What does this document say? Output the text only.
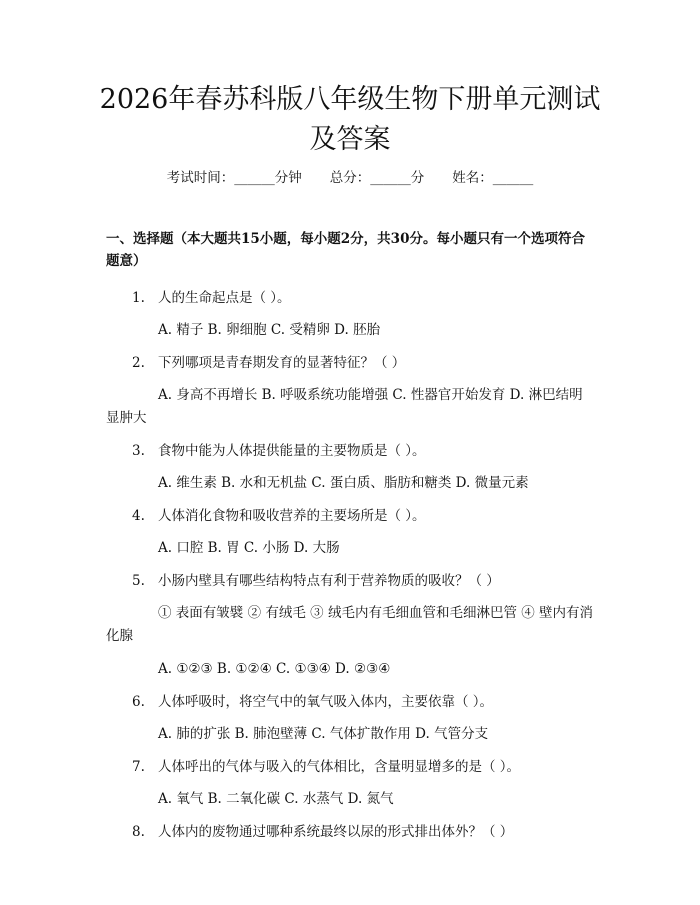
2026年春苏科版八年级生物下册单元测试及答案
考试时间：______分钟 总分：______分 姓名：______

一、选择题（本大题共15小题，每小题2分，共30分。每小题只有一个选项符合题意）

1. 人的生命起点是（ ）。

A. 精子 B. 卵细胞 C. 受精卵 D. 胚胎

2. 下列哪项是青春期发育的显著特征？（ ）

A. 身高不再增长 B. 呼吸系统功能增强 C. 性器官开始发育 D. 淋巴结明显肿大

3. 食物中能为人体提供能量的主要物质是（ ）。

A. 维生素 B. 水和无机盐 C. 蛋白质、脂肪和糖类 D. 微量元素

4. 人体消化食物和吸收营养的主要场所是（ ）。

A. 口腔 B. 胃 C. 小肠 D. 大肠

5. 小肠内壁具有哪些结构特点有利于营养物质的吸收？（ ）

① 表面有皱襞 ② 有绒毛 ③ 绒毛内有毛细血管和毛细淋巴管 ④ 壁内有消化腺

A. ①②③ B. ①②④ C. ①③④ D. ②③④

6. 人体呼吸时，将空气中的氧气吸入体内，主要依靠（ ）。

A. 肺的扩张 B. 肺泡壁薄 C. 气体扩散作用 D. 气管分支

7. 人体呼出的气体与吸入的气体相比，含量明显增多的是（ ）。

A. 氧气 B. 二氧化碳 C. 水蒸气 D. 氮气

8. 人体内的废物通过哪种系统最终以尿的形式排出体外？（ ）
